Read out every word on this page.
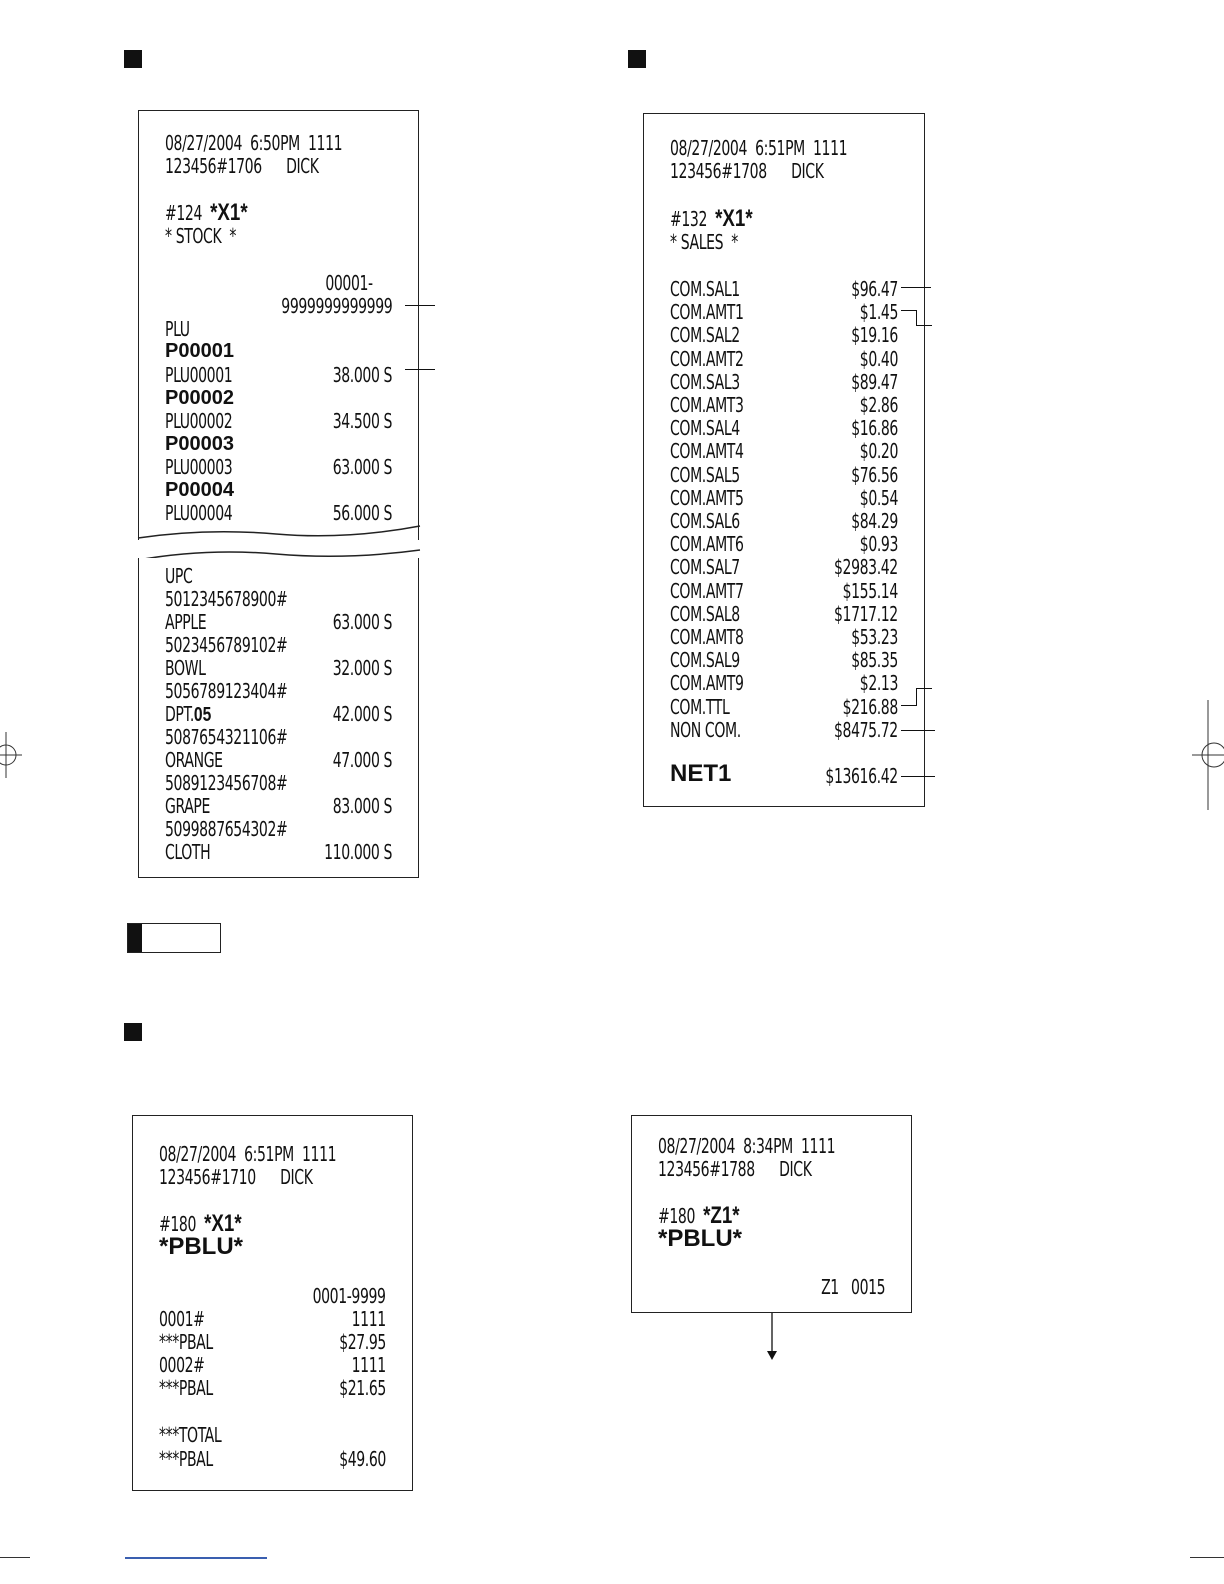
08/27/2004  6:50PM  1111
123456#1706      DICK
#124 *X1*
* STOCK  *
00001-
9999999999999
PLU
P00001
PLU00001	38.000 S
P00002
PLU00002	34.500 S
P00003
PLU00003	63.000 S
P00004
PLU00004	56.000 S
UPC
5012345678900#
APPLE	63.000 S
5023456789102#
BOWL	32.000 S
5056789123404#
DPT.05	42.000 S
5087654321106#
ORANGE	47.000 S
5089123456708#
GRAPE	83.000 S
5099887654302#
CLOTH	110.000 S
08/27/2004  6:51PM  1111
123456#1708      DICK
#132 *X1*
* SALES  *
COM.SAL1	$96.47
COM.AMT1	$1.45
COM.SAL2	$19.16
COM.AMT2	$0.40
COM.SAL3	$89.47
COM.AMT3	$2.86
COM.SAL4	$16.86
COM.AMT4	$0.20
COM.SAL5	$76.56
COM.AMT5	$0.54
COM.SAL6	$84.29
COM.AMT6	$0.93
COM.SAL7	$2983.42
COM.AMT7	$155.14
COM.SAL8	$1717.12
COM.AMT8	$53.23
COM.SAL9	$85.35
COM.AMT9	$2.13
COM.TTL	$216.88
NON COM.	$8475.72
NET1	$13616.42
08/27/2004  6:51PM  1111
123456#1710      DICK
#180 *X1*
*PBLU*
0001-9999
0001#	1111
***PBAL	$27.95
0002#	1111
***PBAL	$21.65
***TOTAL
***PBAL	$49.60
08/27/2004  8:34PM  1111
123456#1788      DICK
#180 *Z1*
*PBLU*
Z1   0015
